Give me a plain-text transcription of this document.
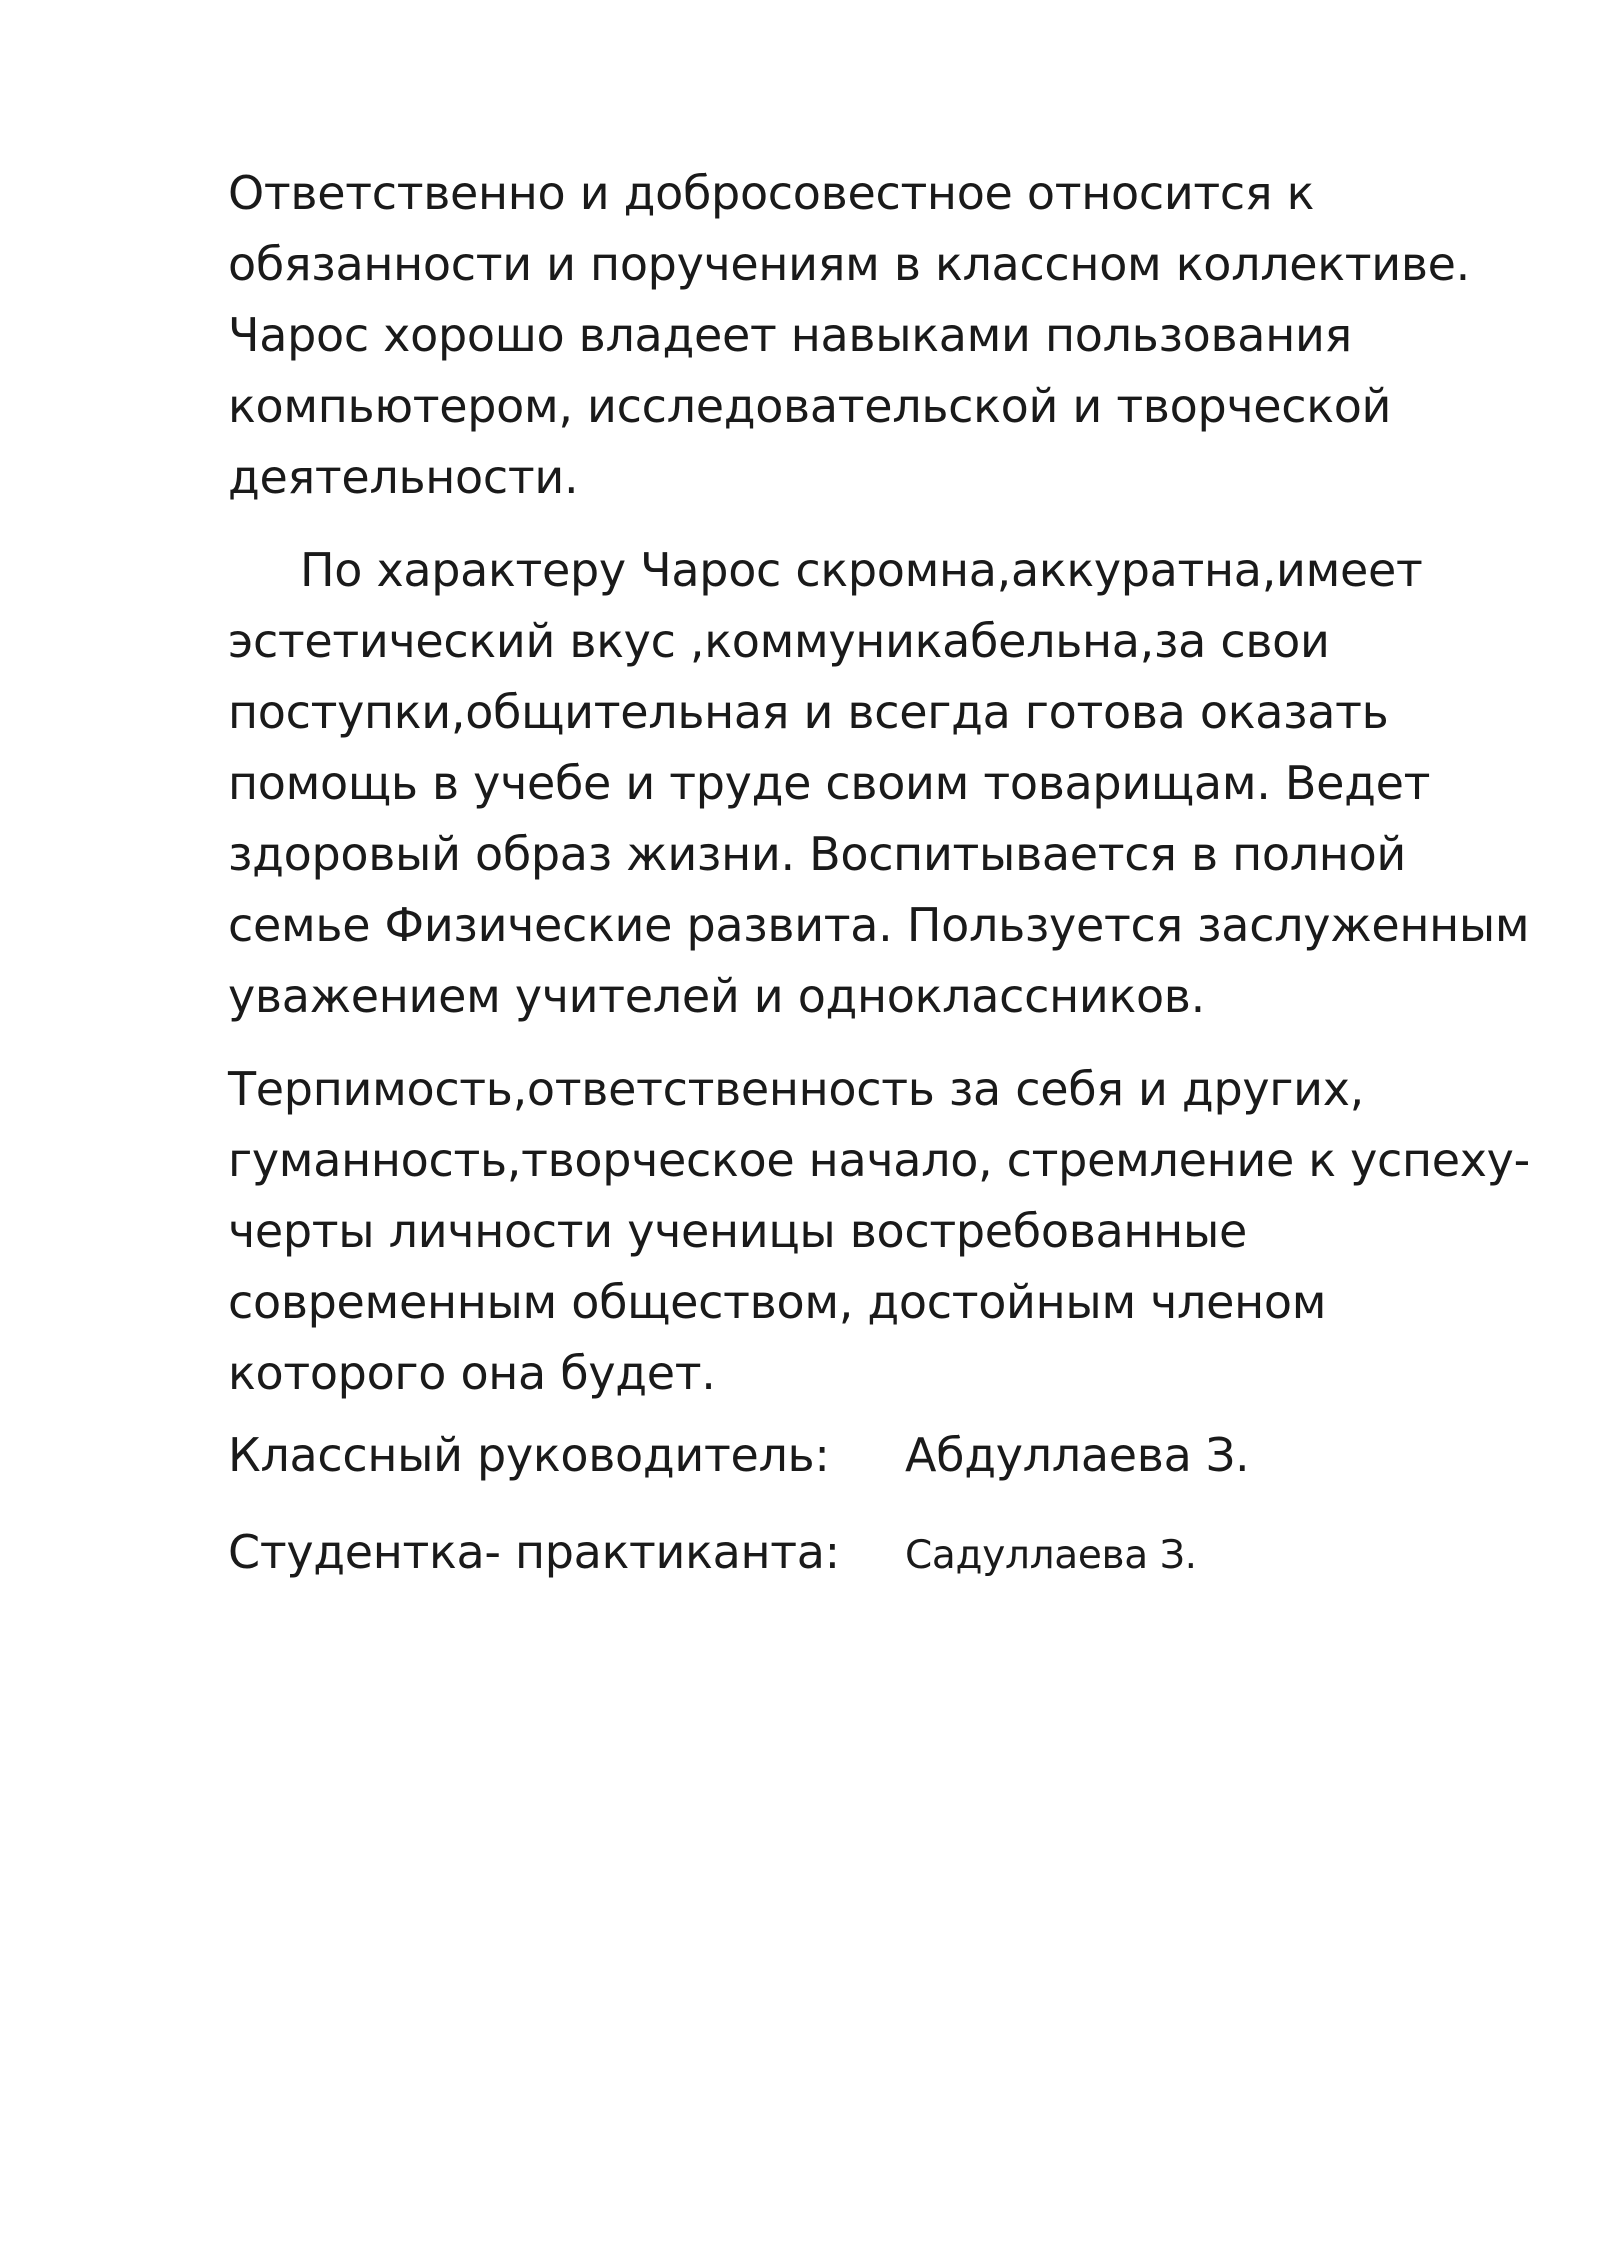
Ответственно и добросовестное относится к
обязанности и поручениям в классном коллективе.
Чарос хорошо владеет навыками пользования
компьютером, исследовательской и творческой
деятельности.
По характеру Чарос скромна,аккуратна,имеет
эстетический вкус ,коммуникабельна,за свои
поступки,общительная и всегда готова оказать
помощь в учебе и труде своим товарищам. Ведет
здоровый образ жизни. Воспитывается в полной
семье Физические развита. Пользуется заслуженным
уважением учителей и одноклассников.
Терпимость,ответственность за себя и других,
гуманность,творческое начало, стремление к успеху-
черты личности ученицы востребованные
современным обществом, достойным членом
которого она будет.
Классный руководитель: Абдуллаева З.
Студентка- практиканта: Садуллаева З.
